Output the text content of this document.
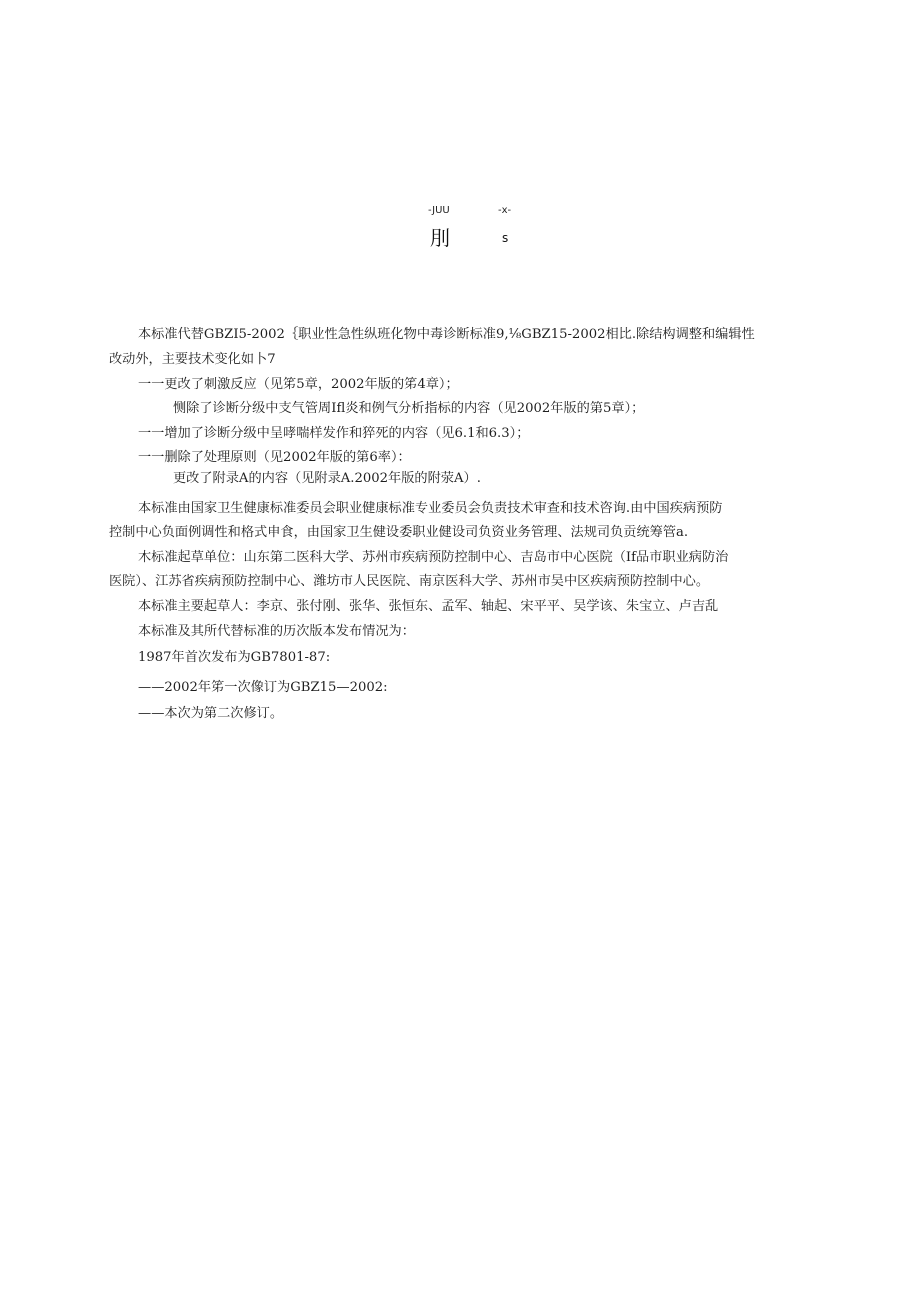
-JUU	-x-
刖	s
本标准代替GBZI5-2002｛职业性急性纵班化物中毒诊断标准9,⅛GBZ15-2002相比.除结构调整和编辑性
改动外，主要技术变化如卜7
一一更改了刺激反应（见笫5章，2002年版的笫4章）；
恻除了诊断分级中支气管周Ifl炎和例气分析指标的内容（见2002年版的第5章）；
一一增加了诊断分级中呈哮喘样发作和猝死的内容（见6.1和6.3）；
一一删除了处理原则（见2002年版的第6率）：
更改了附录A的内容（见附录A.2002年版的附荥A）.
本标准由国家卫生健康标准委员会职业健康标准专业委员会负责技术审查和技术咨询.由中国疾病预防
控制中心负面例调性和格式申食，由国家卫生健设委职业健设司负资业务管理、法规司负贡统筹管a.
木标准起草单位：山东第二医科大学、苏州市疾病预防控制中心、吉岛市中心医院（If品市职业病防治
医院）、江苏省疾病预防控制中心、潍坊市人民医院、南京医科大学、苏州市吴中区疾病预防控制中心。
本标准主要起草人：李京、张付刚、张华、张恒东、孟军、轴起、宋平平、吴学该、朱宝立、卢吉乱
本标准及其所代替标准的历次版本发布情况为：
1987年首次发布为GB7801-87:
——2002年笫一次像订为GBZ15—2002:
——本次为第二次修订。
